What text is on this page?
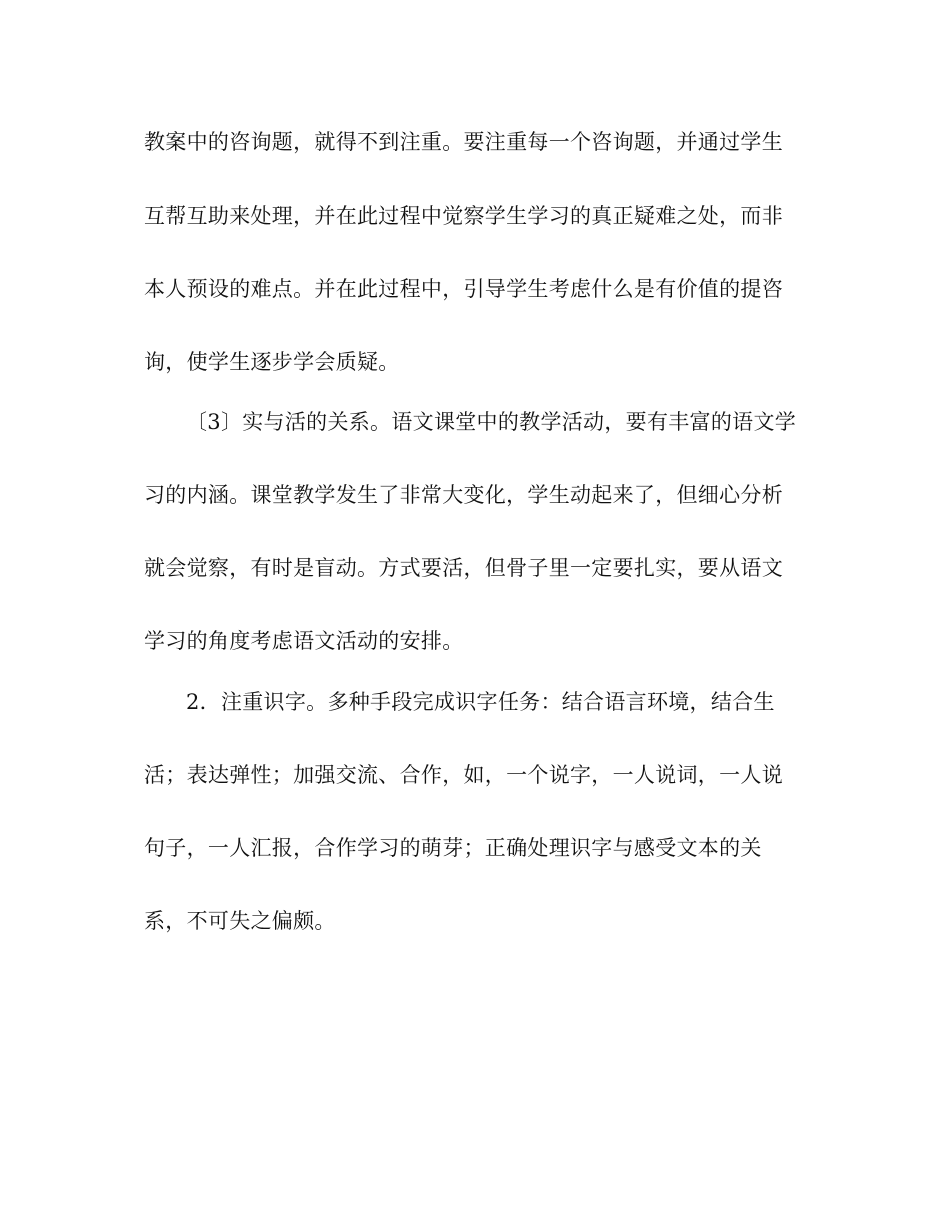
教案中的咨询题，就得不到注重。要注重每一个咨询题，并通过学生
互帮互助来处理，并在此过程中觉察学生学习的真正疑难之处，而非
本人预设的难点。并在此过程中，引导学生考虑什么是有价值的提咨
询，使学生逐步学会质疑。
〔3〕实与活的关系。语文课堂中的教学活动，要有丰富的语文学
习的内涵。课堂教学发生了非常大变化，学生动起来了，但细心分析
就会觉察，有时是盲动。方式要活，但骨子里一定要扎实，要从语文
学习的角度考虑语文活动的安排。
2．注重识字。多种手段完成识字任务：结合语言环境，结合生
活；表达弹性；加强交流、合作，如，一个说字，一人说词，一人说
句子，一人汇报，合作学习的萌芽；正确处理识字与感受文本的关
系，不可失之偏颇。
